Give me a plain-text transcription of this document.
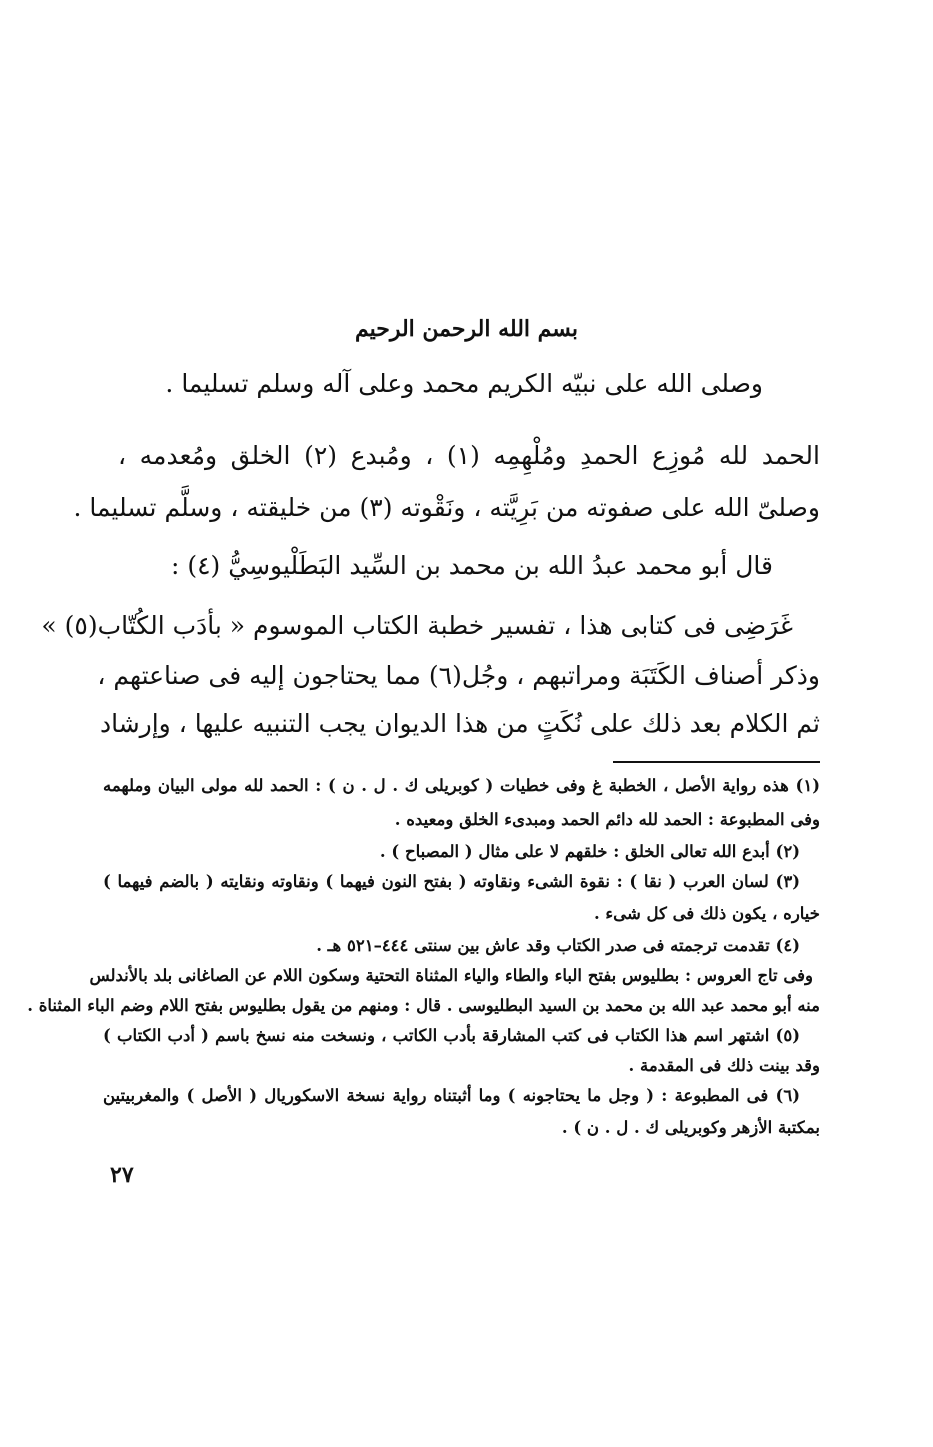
بسم الله الرحمن الرحيم
وصلى الله على نبيّه الكريم محمد وعلى آله وسلم تسليما .
الحمد لله مُوزِع الحمدِ ومُلْهِمِه (١) ، ومُبدع (٢) الخلق ومُعدمه ،
وصلىّ الله على صفوته من بَرِيَّته ، ونَقْوته (٣) من خليقته ، وسلَّم تسليما .
قال أبو محمد عبدُ الله بن محمد بن السِّيد البَطَلْيوسِيُّ (٤) :
غَرَضِى فى كتابى هذا ، تفسير خطبة الكتاب الموسوم « بأدَب الكُتّاب(٥) »
وذكر أصناف الكَتَبَة ومراتبهم ، وجُل(٦) مما يحتاجون إليه فى صناعتهم ،
ثم الكلام بعد ذلك على نُكَتٍ من هذا الديوان يجب التنبيه عليها ، وإرشاد
(١) هذه رواية الأصل ، الخطبة غ وفى خطيات ( كوبريلى ك . ل . ن ) : الحمد لله مولى البيان وملهمه
وفى المطبوعة : الحمد لله دائم الحمد ومبدىء الخلق ومعيده .
(٢) أبدع الله تعالى الخلق : خلقهم لا على مثال ( المصباح ) .
(٣) لسان العرب ( نقا ) : نقوة الشىء ونقاوته ( بفتح النون فيهما ) ونقاوته ونقايته ( بالضم فيهما )
خياره ، يكون ذلك فى كل شىء .
(٤) تقدمت ترجمته فى صدر الكتاب وقد عاش بين سنتى ٤٤٤–٥٢١ هـ .
وفى تاج العروس : بطليوس بفتح الباء والطاء والياء المثناة التحتية وسكون اللام عن الصاغانى بلد بالأندلس
منه أبو محمد عبد الله بن محمد بن السيد البطليوسى . قال : ومنهم من يقول بطليوس بفتح اللام وضم الباء المثناة .
(٥) اشتهر اسم هذا الكتاب فى كتب المشارقة بأدب الكاتب ، ونسخت منه نسخ باسم ( أدب الكتاب )
وقد بينت ذلك فى المقدمة .
(٦) فى المطبوعة : ( وجل ما يحتاجونه ) وما أثبتناه رواية نسخة الاسكوريال ( الأصل ) والمغربيتين
بمكتبة الأزهر وكوبريلى ك . ل . ن ) .
٢٧
